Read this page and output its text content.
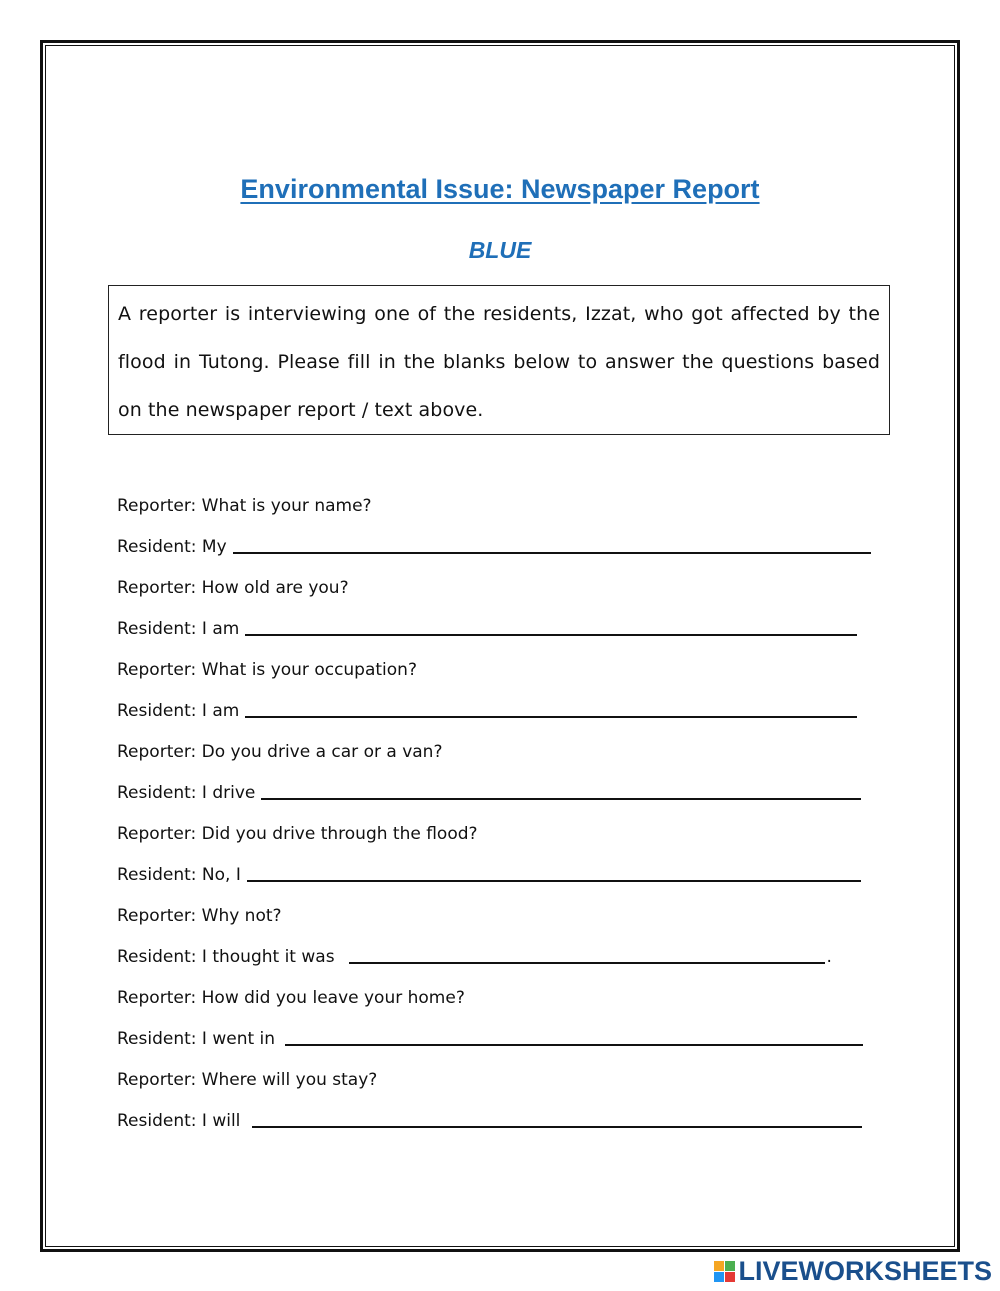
Environmental Issue: Newspaper Report
BLUE

A reporter is interviewing one of the residents, Izzat, who got affected by the flood in Tutong. Please fill in the blanks below to answer the questions based on the newspaper report / text above.

Reporter: What is your name?
Resident: My
Reporter: How old are you?
Resident: I am
Reporter: What is your occupation?
Resident: I am
Reporter: Do you drive a car or a van?
Resident: I drive
Reporter: Did you drive through the flood?
Resident: No, I
Reporter: Why not?
Resident: I thought it was	.
Reporter: How did you leave your home?
Resident: I went in
Reporter: Where will you stay?
Resident: I will
LIVEWORKSHEETS
